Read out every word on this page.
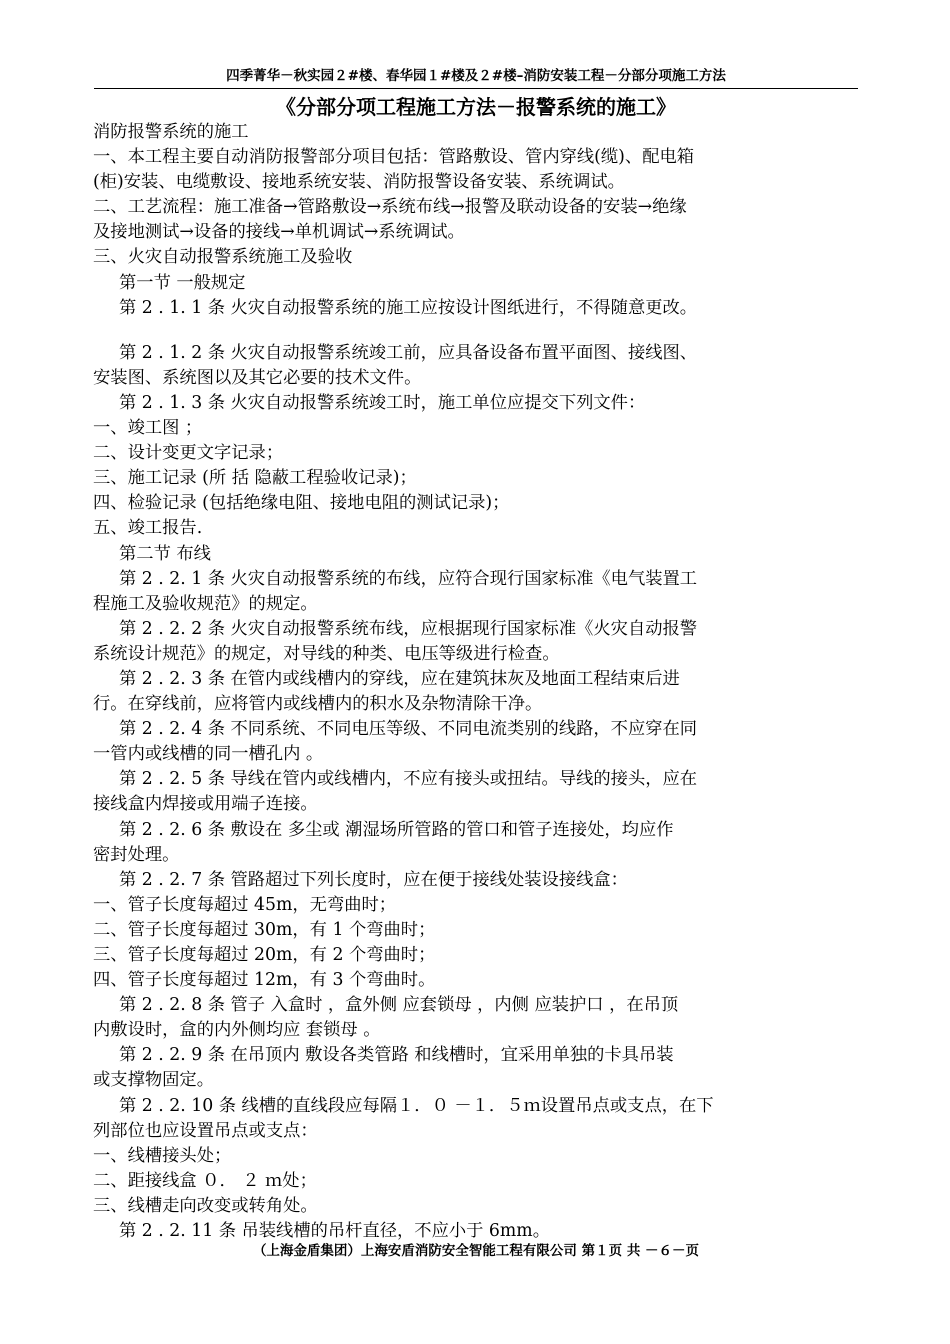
四季菁华－秋实园２#楼、春华园１#楼及２#楼–消防安装工程－分部分项施工方法
《分部分项工程施工方法－报警系统的施工》
消防报警系统的施工
一、本工程主要自动消防报警部分项目包括：管路敷设、管内穿线(缆)、配电箱
(柜)安装、电缆敷设、接地系统安装、消防报警设备安装、系统调试。
二、工艺流程：施工准备→管路敷设→系统布线→报警及联动设备的安装→绝缘
及接地测试→设备的接线→单机调试→系统调试。
三、火灾自动报警系统施工及验收
第一节 一般规定
第 2 . 1. 1 条 火灾自动报警系统的施工应按设计图纸进行，不得随意更改。
第 2 . 1. 2 条 火灾自动报警系统竣工前，应具备设备布置平面图、接线图、
安装图、系统图以及其它必要的技术文件。
第 2 . 1. 3 条 火灾自动报警系统竣工时，施工单位应提交下列文件：
一、竣工图 ；
二、设计变更文字记录；
三、施工记录 (所 括 隐蔽工程验收记录)；
四、检验记录 (包括绝缘电阻、接地电阻的测试记录)；
五、竣工报告.
第二节 布线
第 2 . 2. 1 条 火灾自动报警系统的布线，应符合现行国家标准《电气装置工
程施工及验收规范》的规定。
第 2 . 2. 2 条 火灾自动报警系统布线，应根据现行国家标准《火灾自动报警
系统设计规范》的规定，对导线的种类、电压等级进行检查。
第 2 . 2. 3 条 在管内或线槽内的穿线，应在建筑抹灰及地面工程结束后进
行。在穿线前，应将管内或线槽内的积水及杂物清除干净。
第 2 . 2. 4 条 不同系统、不同电压等级、不同电流类别的线路，不应穿在同
一管内或线槽的同一槽孔内 。
第 2 . 2. 5 条 导线在管内或线槽内，不应有接头或扭结。导线的接头，应在
接线盒内焊接或用端子连接。
第 2 . 2. 6 条 敷设在 多尘或 潮湿场所管路的管口和管子连接处，均应作
密封处理。
第 2 . 2. 7 条 管路超过下列长度时，应在便于接线处装设接线盒：
一、管子长度每超过 45m，无弯曲时；
二、管子长度每超过 30m，有 1 个弯曲时；
三、管子长度每超过 20m，有 2 个弯曲时；
四、管子长度每超过 12m，有 3 个弯曲时。
第 2 . 2. 8 条 管子 入盒时 ，盒外侧 应套锁母 ，内侧 应装护口 ，在吊顶
内敷设时，盒的内外侧均应 套锁母 。
第 2 . 2. 9 条 在吊顶内 敷设各类管路 和线槽时，宜采用单独的卡具吊装
或支撑物固定。
第 2 . 2. 10 条 线槽的直线段应每隔１．０ －１．５ｍ设置吊点或支点，在下
列部位也应设置吊点或支点：
一、线槽接头处；
二、距接线盒 ０． ２ ｍ处；
三、线槽走向改变或转角处。
第 2 . 2. 11 条 吊装线槽的吊杆直径，不应小于 6mm。
（上海金盾集团）上海安盾消防安全智能工程有限公司 第１页 共 －６－页
